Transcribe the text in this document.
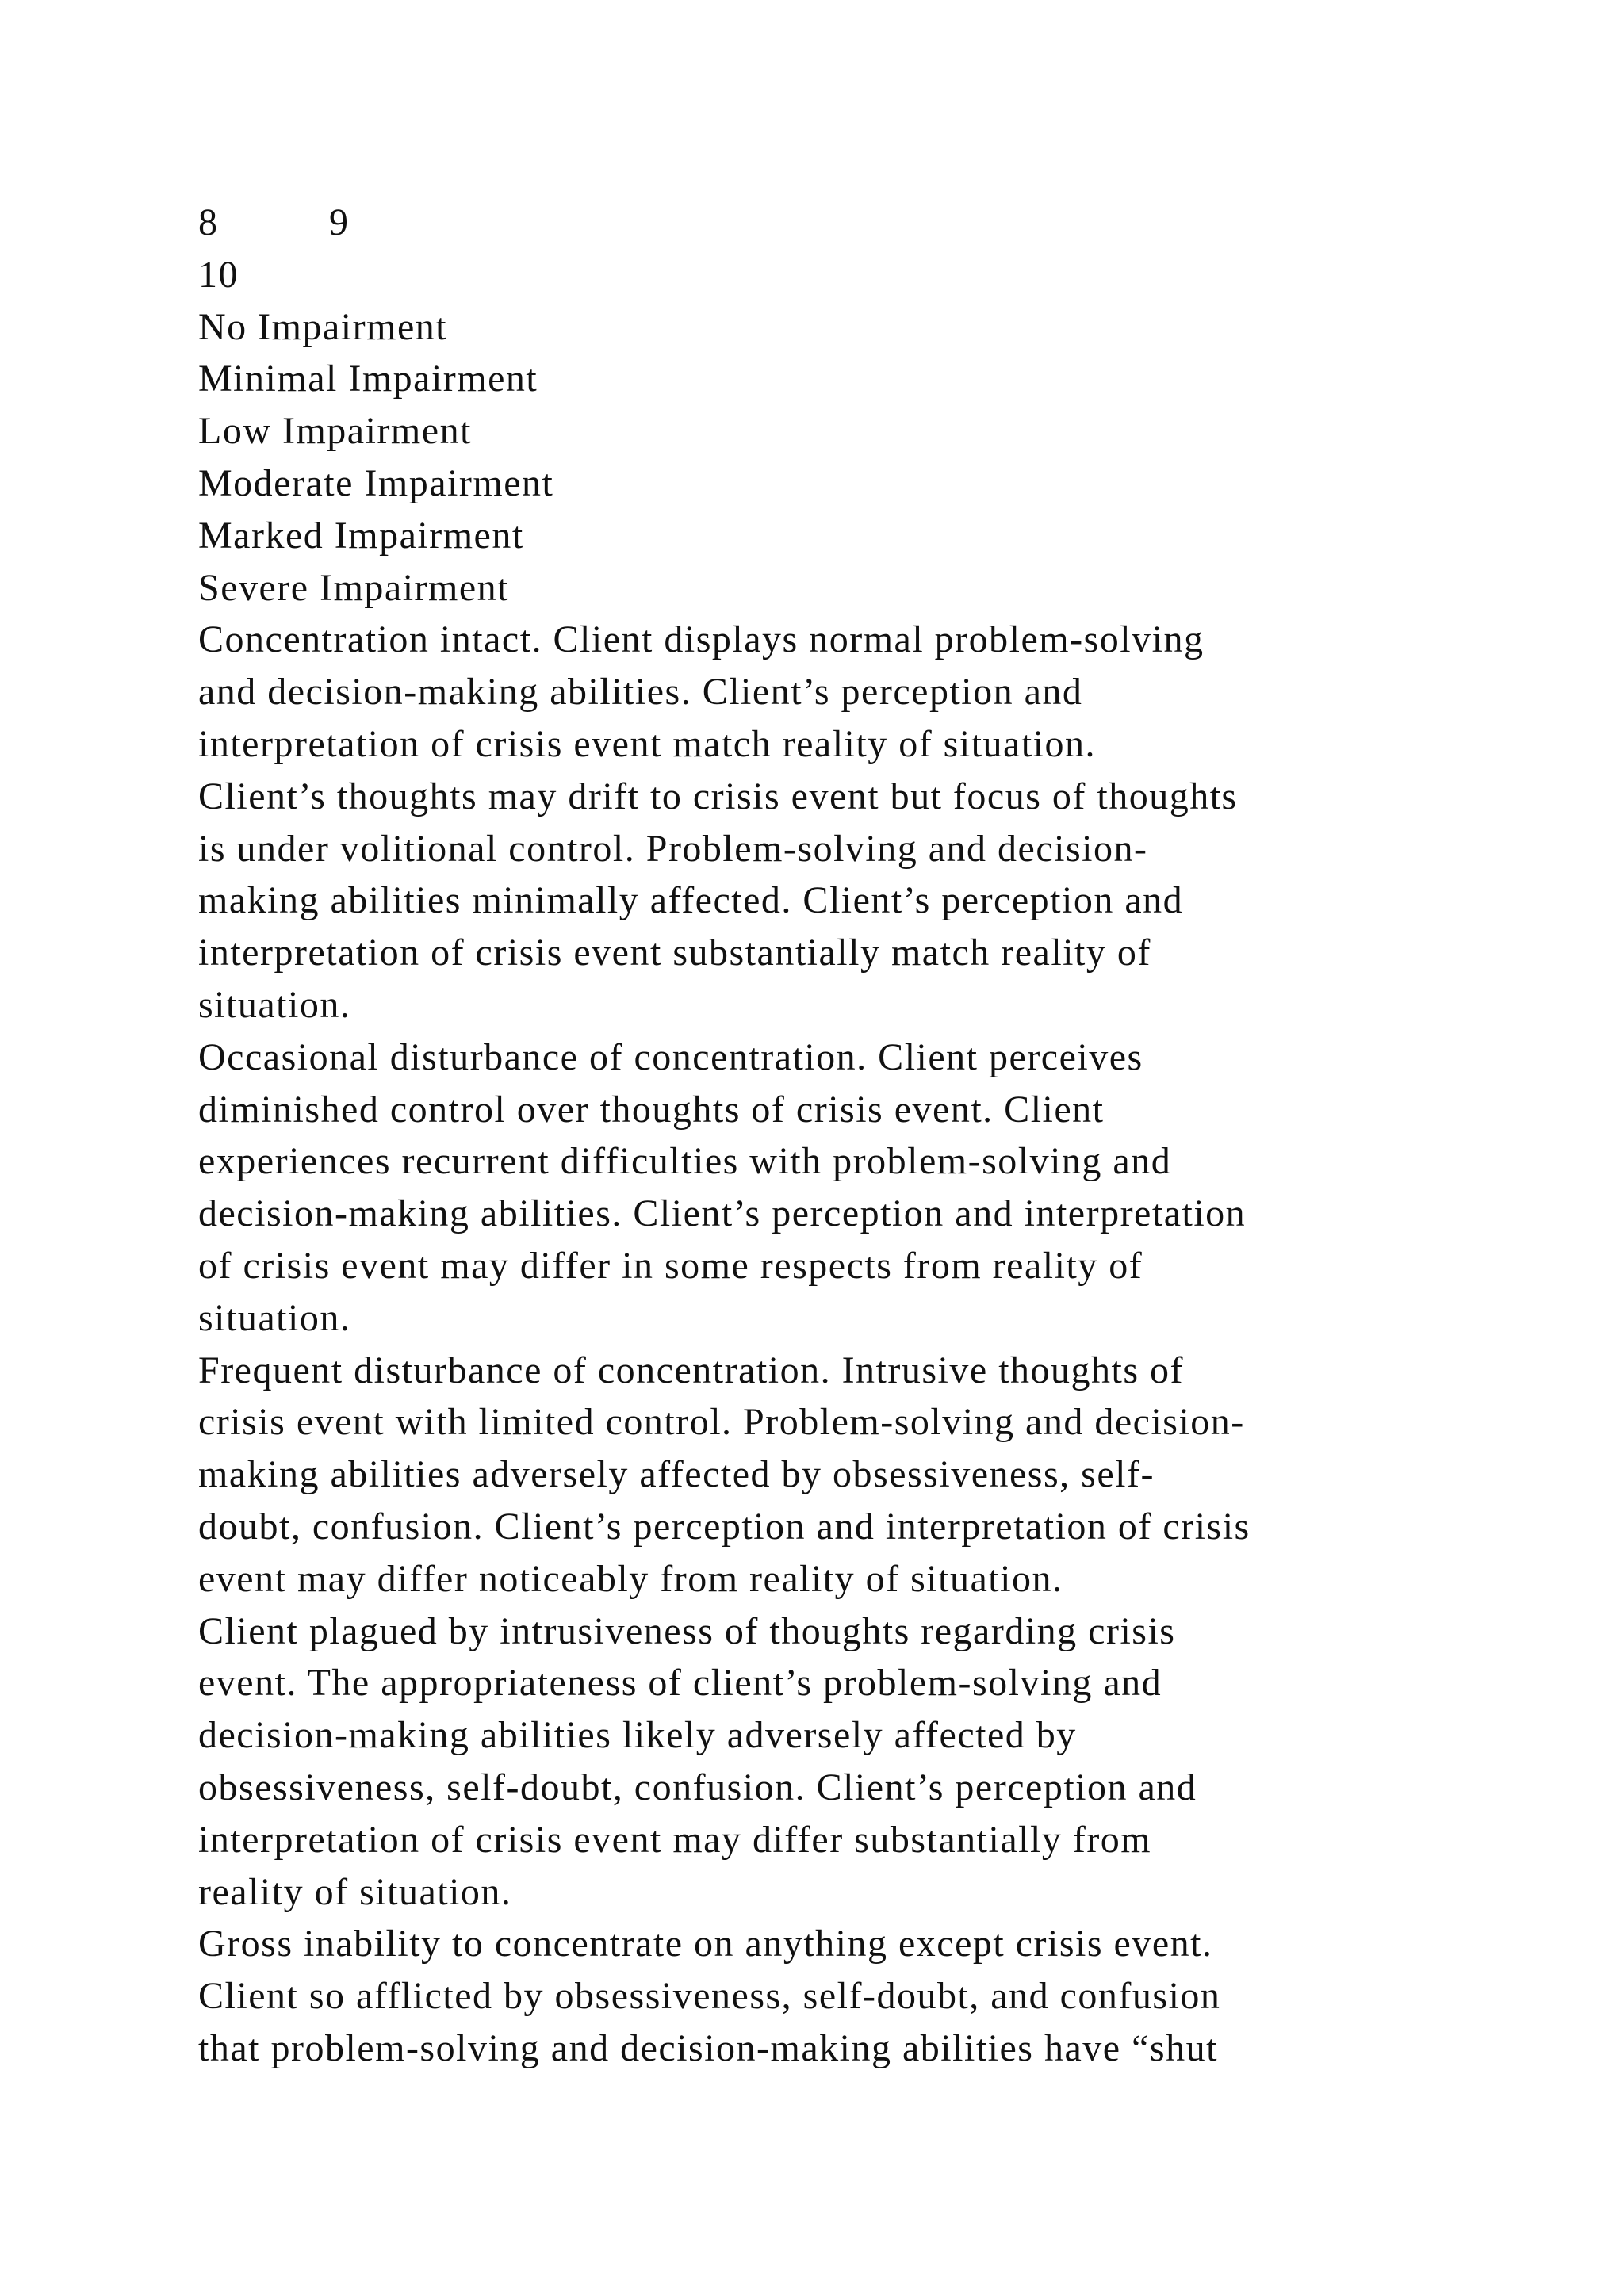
8	9
10
No Impairment
Minimal Impairment
Low Impairment
Moderate Impairment
Marked Impairment
Severe Impairment
Concentration intact. Client displays normal problem-solving
and decision-making abilities. Client’s perception and
interpretation of crisis event match reality of situation.
Client’s thoughts may drift to crisis event but focus of thoughts
is under volitional control. Problem-solving and decision-
making abilities minimally affected. Client’s perception and
interpretation of crisis event substantially match reality of
situation.
Occasional disturbance of concentration. Client perceives
diminished control over thoughts of crisis event. Client
experiences recurrent difficulties with problem-solving and
decision-making abilities. Client’s perception and interpretation
of crisis event may differ in some respects from reality of
situation.
Frequent disturbance of concentration. Intrusive thoughts of
crisis event with limited control. Problem-solving and decision-
making abilities adversely affected by obsessiveness, self-
doubt, confusion. Client’s perception and interpretation of crisis
event may differ noticeably from reality of situation.
Client plagued by intrusiveness of thoughts regarding crisis
event. The appropriateness of client’s problem-solving and
decision-making abilities likely adversely affected by
obsessiveness, self-doubt, confusion. Client’s perception and
interpretation of crisis event may differ substantially from
reality of situation.
Gross inability to concentrate on anything except crisis event.
Client so afflicted by obsessiveness, self-doubt, and confusion
that problem-solving and decision-making abilities have “shut
